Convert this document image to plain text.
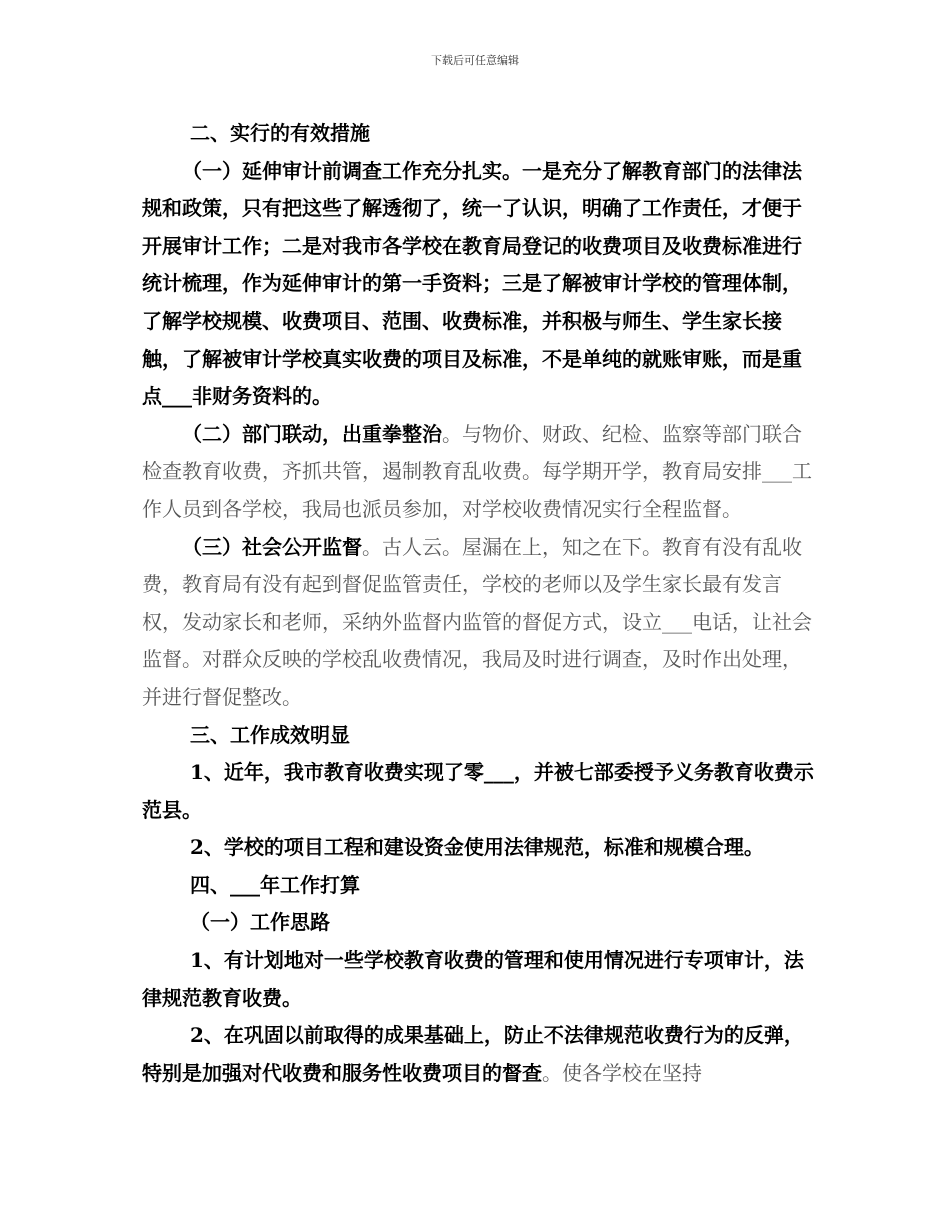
下载后可任意编辑

二、实行的有效措施

（一）延伸审计前调查工作充分扎实。一是充分了解教育部门的法律法规和政策，只有把这些了解透彻了，统一了认识，明确了工作责任，才便于开展审计工作；二是对我市各学校在教育局登记的收费项目及收费标准进行统计梳理，作为延伸审计的第一手资料；三是了解被审计学校的管理体制，了解学校规模、收费项目、范围、收费标准，并积极与师生、学生家长接触，了解被审计学校真实收费的项目及标准，不是单纯的就账审账，而是重点___非财务资料的。

（二）部门联动，出重拳整治。与物价、财政、纪检、监察等部门联合检查教育收费，齐抓共管，遏制教育乱收费。每学期开学，教育局安排___工作人员到各学校，我局也派员参加，对学校收费情况实行全程监督。

（三）社会公开监督。古人云。屋漏在上，知之在下。教育有没有乱收费，教育局有没有起到督促监管责任，学校的老师以及学生家长最有发言权，发动家长和老师，采纳外监督内监管的督促方式，设立___电话，让社会监督。对群众反映的学校乱收费情况，我局及时进行调查，及时作出处理，并进行督促整改。

三、工作成效明显

1、近年，我市教育收费实现了零___，并被七部委授予义务教育收费示范县。

2、学校的项目工程和建设资金使用法律规范，标准和规模合理。

四、___年工作打算

（一）工作思路

1、有计划地对一些学校教育收费的管理和使用情况进行专项审计，法律规范教育收费。

2、在巩固以前取得的成果基础上，防止不法律规范收费行为的反弹，特别是加强对代收费和服务性收费项目的督查。使各学校在坚持
